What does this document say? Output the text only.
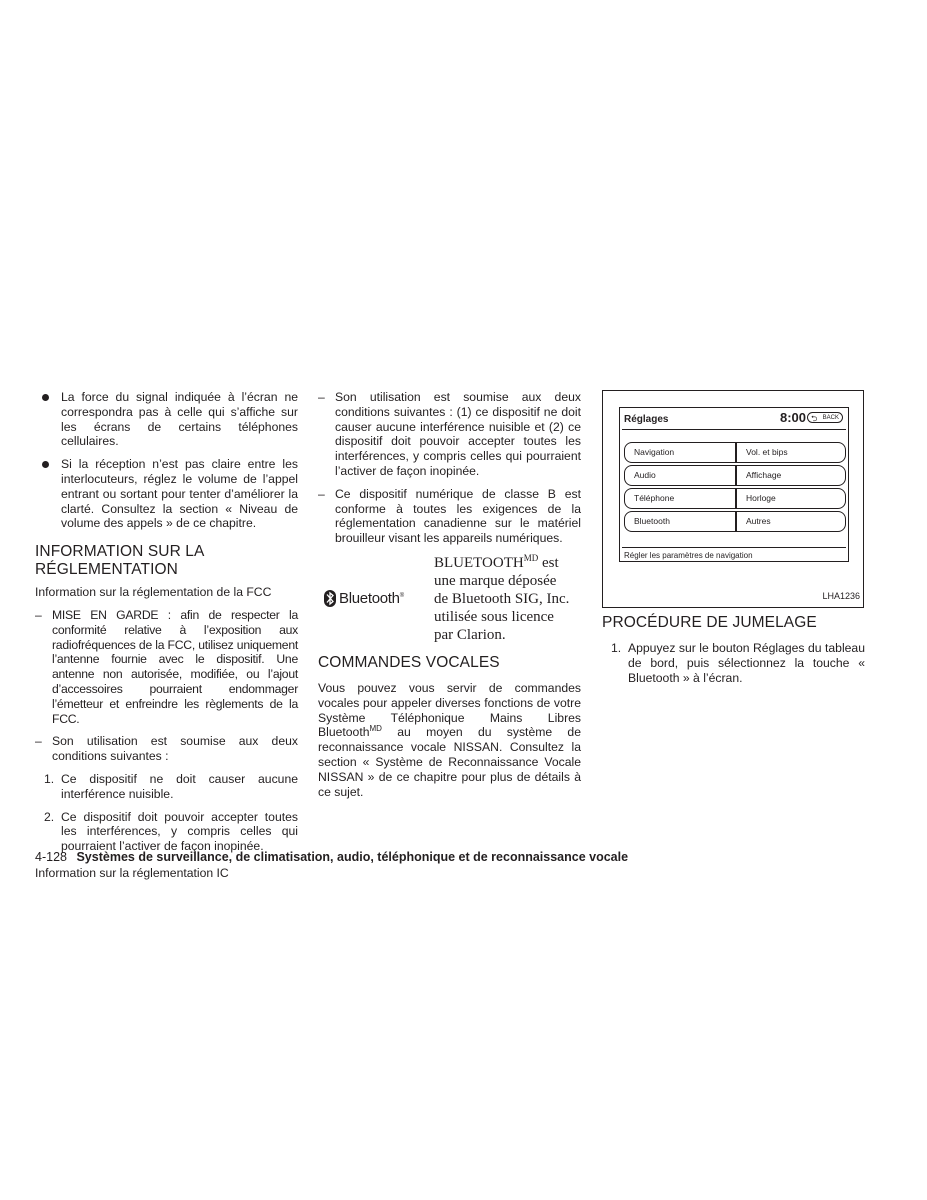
La force du signal indiquée à l’écran ne correspondra pas à celle qui s’affiche sur les écrans de certains téléphones cellulaires.

Si la réception n’est pas claire entre les interlocuteurs, réglez le volume de l’appel entrant ou sortant pour tenter d’améliorer la clarté. Consultez la section « Niveau de volume des appels » de ce chapitre.

INFORMATION SUR LA
RÉGLEMENTATION

Information sur la réglementation de la FCC

– MISE EN GARDE : afin de respecter la conformité relative à l’exposition aux radiofréquences de la FCC, utilisez uniquement l’antenne fournie avec le dispositif. Une antenne non autorisée, modifiée, ou l’ajout d’accessoires pourraient endommager l’émetteur et enfreindre les règlements de la FCC.

– Son utilisation est soumise aux deux conditions suivantes :

1. Ce dispositif ne doit causer aucune interférence nuisible.

2. Ce dispositif doit pouvoir accepter toutes les interférences, y compris celles qui pourraient l’activer de façon inopinée.

Information sur la réglementation IC

– Son utilisation est soumise aux deux conditions suivantes : (1) ce dispositif ne doit causer aucune interférence nuisible et (2) ce dispositif doit pouvoir accepter toutes les interférences, y compris celles qui pourraient l’activer de façon inopinée.

– Ce dispositif numérique de classe B est conforme à toutes les exigences de la réglementation canadienne sur le matériel brouilleur visant les appareils numériques.

Bluetooth®
$BLUETOOTH^{MD}$ est une marque déposée de Bluetooth SIG, Inc. utilisée sous licence par Clarion.
COMMANDES VOCALES

Vous pouvez vous servir de commandes vocales pour appeler diverses fonctions de votre Système Téléphonique Mains Libres Bluetooth$^{MD}$ au moyen du système de reconnaissance vocale NISSAN. Consultez la section « Système de Reconnaissance Vocale NISSAN » de ce chapitre pour plus de détails à ce sujet.

Réglages	8:00 ⮌ BACK
Navigation
Audio
Téléphone
Bluetooth
Vol. et bips
Affichage
Horloge
Autres
Régler les paramètres de navigation
LHA1236
PROCÉDURE DE JUMELAGE
1. Appuyez sur le bouton Réglages du tableau de bord, puis sélectionnez la touche « Bluetooth » à l’écran.

4-128 Systèmes de surveillance, de climatisation, audio, téléphonique et de reconnaissance vocale
